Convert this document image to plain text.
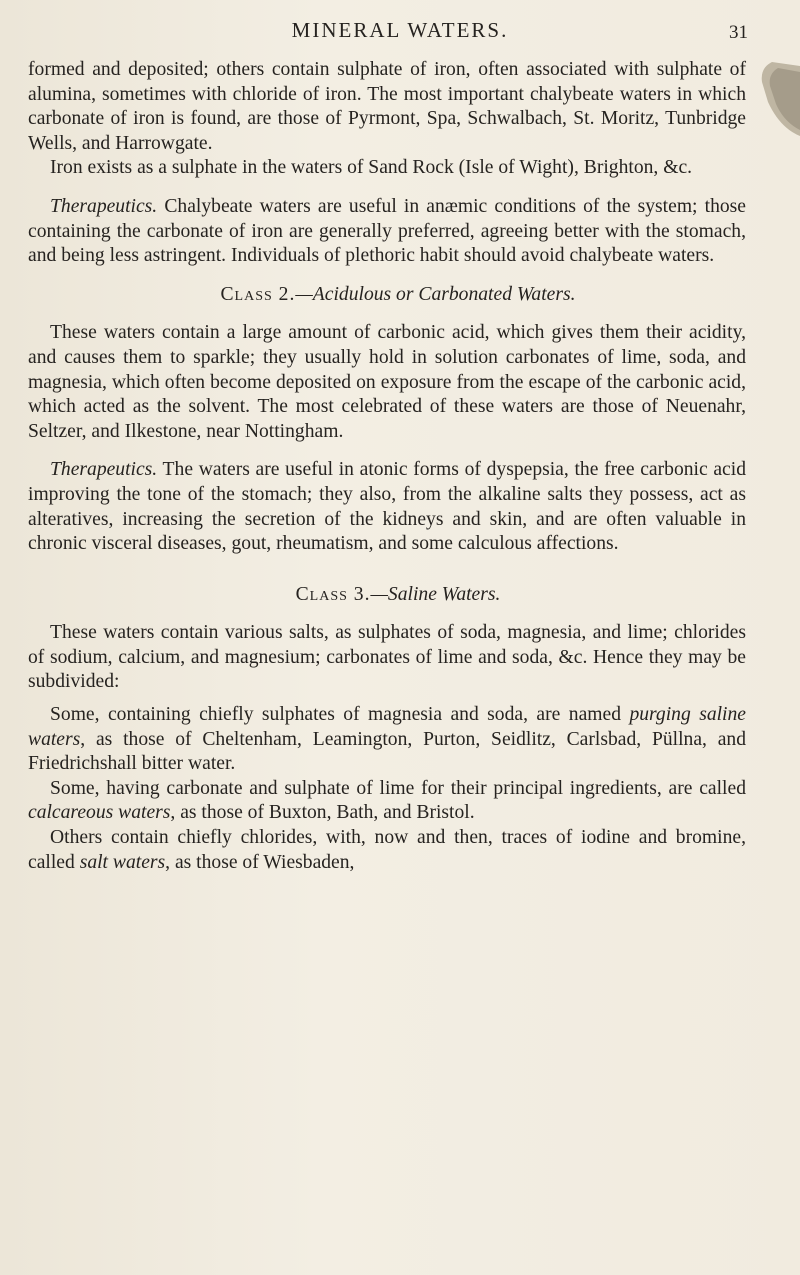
MINERAL WATERS.	31

formed and deposited; others contain sulphate of iron, often associated with sulphate of alumina, sometimes with chloride of iron. The most important chalybeate waters in which carbonate of iron is found, are those of Pyrmont, Spa, Schwalbach, St. Moritz, Tunbridge Wells, and Harrowgate.

Iron exists as a sulphate in the waters of Sand Rock (Isle of Wight), Brighton, &c.

Therapeutics. Chalybeate waters are useful in anæmic conditions of the system; those containing the carbonate of iron are generally preferred, agreeing better with the stomach, and being less astringent. Individuals of plethoric habit should avoid chalybeate waters.

Class 2.—Acidulous or Carbonated Waters.

These waters contain a large amount of carbonic acid, which gives them their acidity, and causes them to sparkle; they usually hold in solution carbonates of lime, soda, and magnesia, which often become deposited on exposure from the escape of the carbonic acid, which acted as the solvent. The most celebrated of these waters are those of Neuenahr, Seltzer, and Ilkestone, near Nottingham.

Therapeutics. The waters are useful in atonic forms of dyspepsia, the free carbonic acid improving the tone of the stomach; they also, from the alkaline salts they possess, act as alteratives, increasing the secretion of the kidneys and skin, and are often valuable in chronic visceral diseases, gout, rheumatism, and some calculous affections.

Class 3.—Saline Waters.

These waters contain various salts, as sulphates of soda, magnesia, and lime; chlorides of sodium, calcium, and magnesium; carbonates of lime and soda, &c. Hence they may be subdivided:

Some, containing chiefly sulphates of magnesia and soda, are named purging saline waters, as those of Cheltenham, Leamington, Purton, Seidlitz, Carlsbad, Püllna, and Friedrichshall bitter water.

Some, having carbonate and sulphate of lime for their principal ingredients, are called calcareous waters, as those of Buxton, Bath, and Bristol.

Others contain chiefly chlorides, with, now and then, traces of iodine and bromine, called salt waters, as those of Wiesbaden,
